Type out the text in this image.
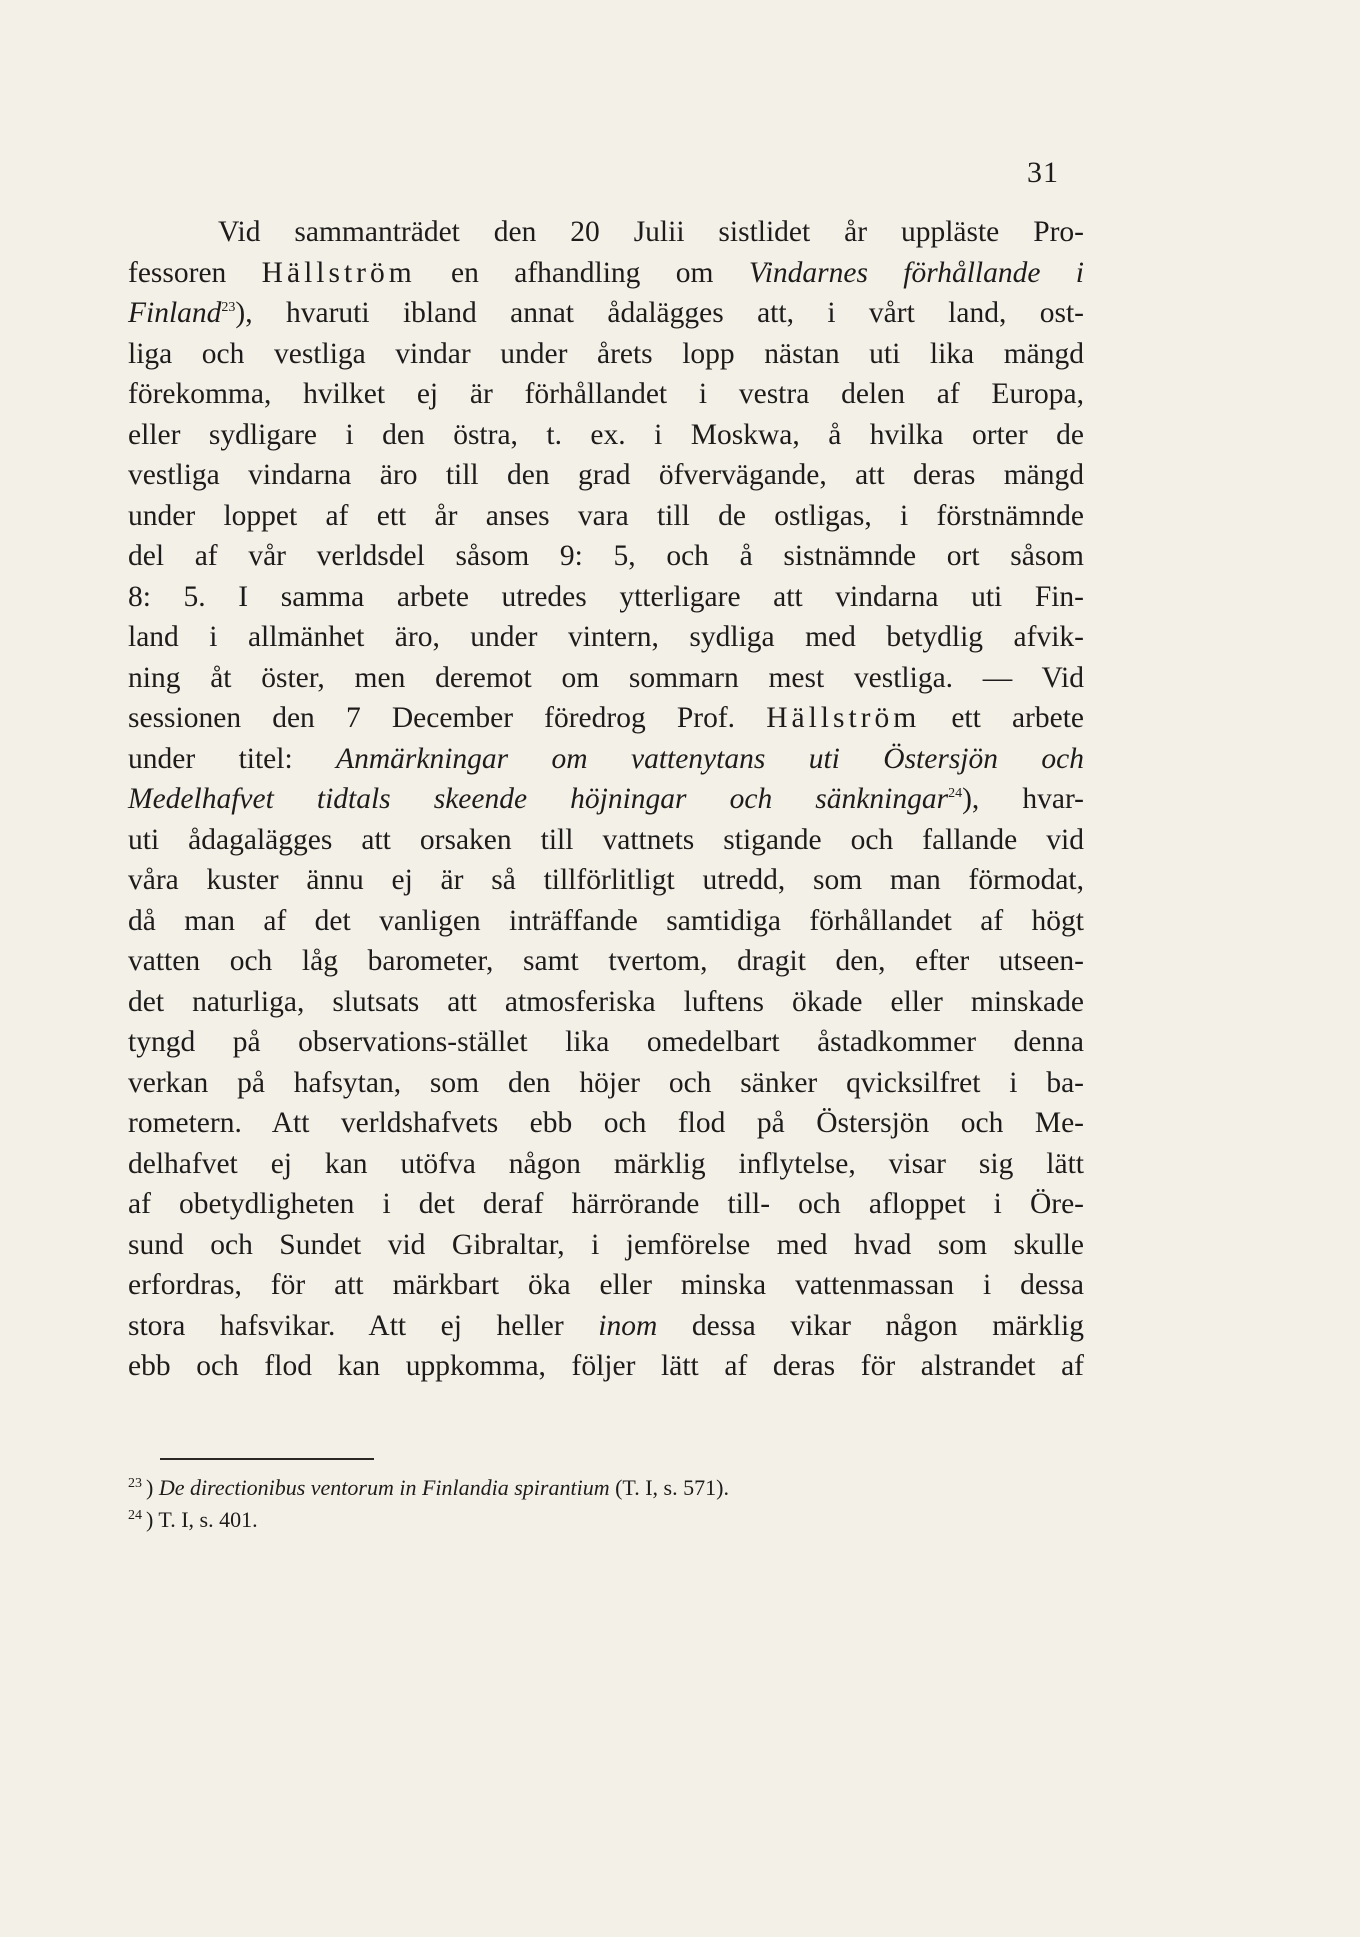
31
Vid sammanträdet den 20 Julii sistlidet år uppläste Pro-
fessoren Hällström en afhandling om Vindarnes förhållande i
Finland$^{23}$), hvaruti ibland annat ådalägges att, i vårt land, ost-
liga och vestliga vindar under årets lopp nästan uti lika mängd
förekomma, hvilket ej är förhållandet i vestra delen af Europa,
eller sydligare i den östra, t. ex. i Moskwa, å hvilka orter de
vestliga vindarna äro till den grad öfvervägande, att deras mängd
under loppet af ett år anses vara till de ostligas, i förstnämnde
del af vår verldsdel såsom 9: 5, och å sistnämnde ort såsom
8: 5. I samma arbete utredes ytterligare att vindarna uti Fin-
land i allmänhet äro, under vintern, sydliga med betydlig afvik-
ning åt öster, men deremot om sommarn mest vestliga. — Vid
sessionen den 7 December föredrog Prof. Hällström ett arbete
under titel: Anmärkningar om vattenytans uti Östersjön och
Medelhafvet tidtals skeende höjningar och sänkningar$^{24}$), hvar-
uti ådagalägges att orsaken till vattnets stigande och fallande vid
våra kuster ännu ej är så tillförlitligt utredd, som man förmodat,
då man af det vanligen inträffande samtidiga förhållandet af högt
vatten och låg barometer, samt tvertom, dragit den, efter utseen-
det naturliga, slutsats att atmosferiska luftens ökade eller minskade
tyngd på observations-stället lika omedelbart åstadkommer denna
verkan på hafsytan, som den höjer och sänker qvicksilfret i ba-
rometern. Att verldshafvets ebb och flod på Östersjön och Me-
delhafvet ej kan utöfva någon märklig inflytelse, visar sig lätt
af obetydligheten i det deraf härrörande till- och afloppet i Öre-
sund och Sundet vid Gibraltar, i jemförelse med hvad som skulle
erfordras, för att märkbart öka eller minska vattenmassan i dessa
stora hafsvikar. Att ej heller inom dessa vikar någon märklig
ebb och flod kan uppkomma, följer lätt af deras för alstrandet af
$^{23}$ ) De directionibus ventorum in Finlandia spirantium (T. I, s. 571).
$^{24}$ ) T. I, s. 401.
